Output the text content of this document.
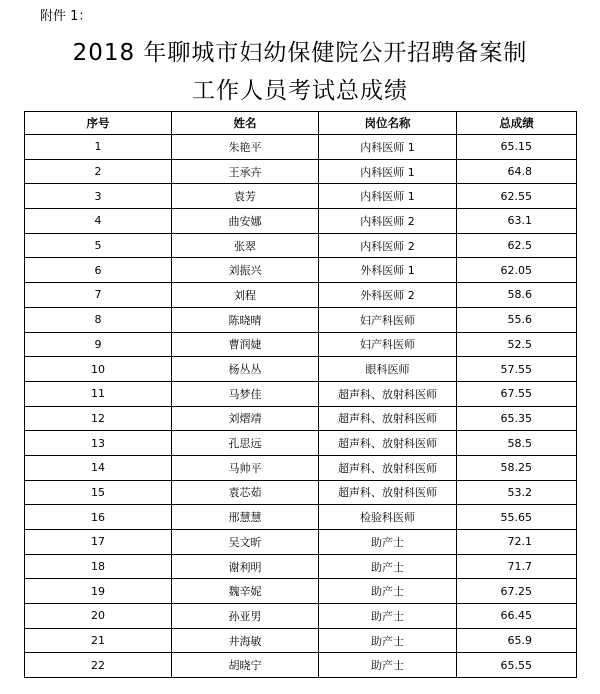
附件 1：
2018 年聊城市妇幼保健院公开招聘备案制
工作人员考试总成绩
序号	姓名	岗位名称	总成绩
1	朱艳平	内科医师 1	65.15
2	王承卉	内科医师 1	64.8
3	袁芳	内科医师 1	62.55
4	曲安娜	内科医师 2	63.1
5	张翠	内科医师 2	62.5
6	刘振兴	外科医师 1	62.05
7	刘程	外科医师 2	58.6
8	陈晓晴	妇产科医师	55.6
9	曹润婕	妇产科医师	52.5
10	杨丛丛	眼科医师	57.55
11	马梦佳	超声科、放射科医师	67.55
12	刘熠靖	超声科、放射科医师	65.35
13	孔思远	超声科、放射科医师	58.5
14	马帅平	超声科、放射科医师	58.25
15	袁芯茹	超声科、放射科医师	53.2
16	邢慧慧	检验科医师	55.65
17	吴文昕	助产士	72.1
18	谢利明	助产士	71.7
19	魏辛妮	助产士	67.25
20	孙亚男	助产士	66.45
21	井海敏	助产士	65.9
22	胡晓宁	助产士	65.55
